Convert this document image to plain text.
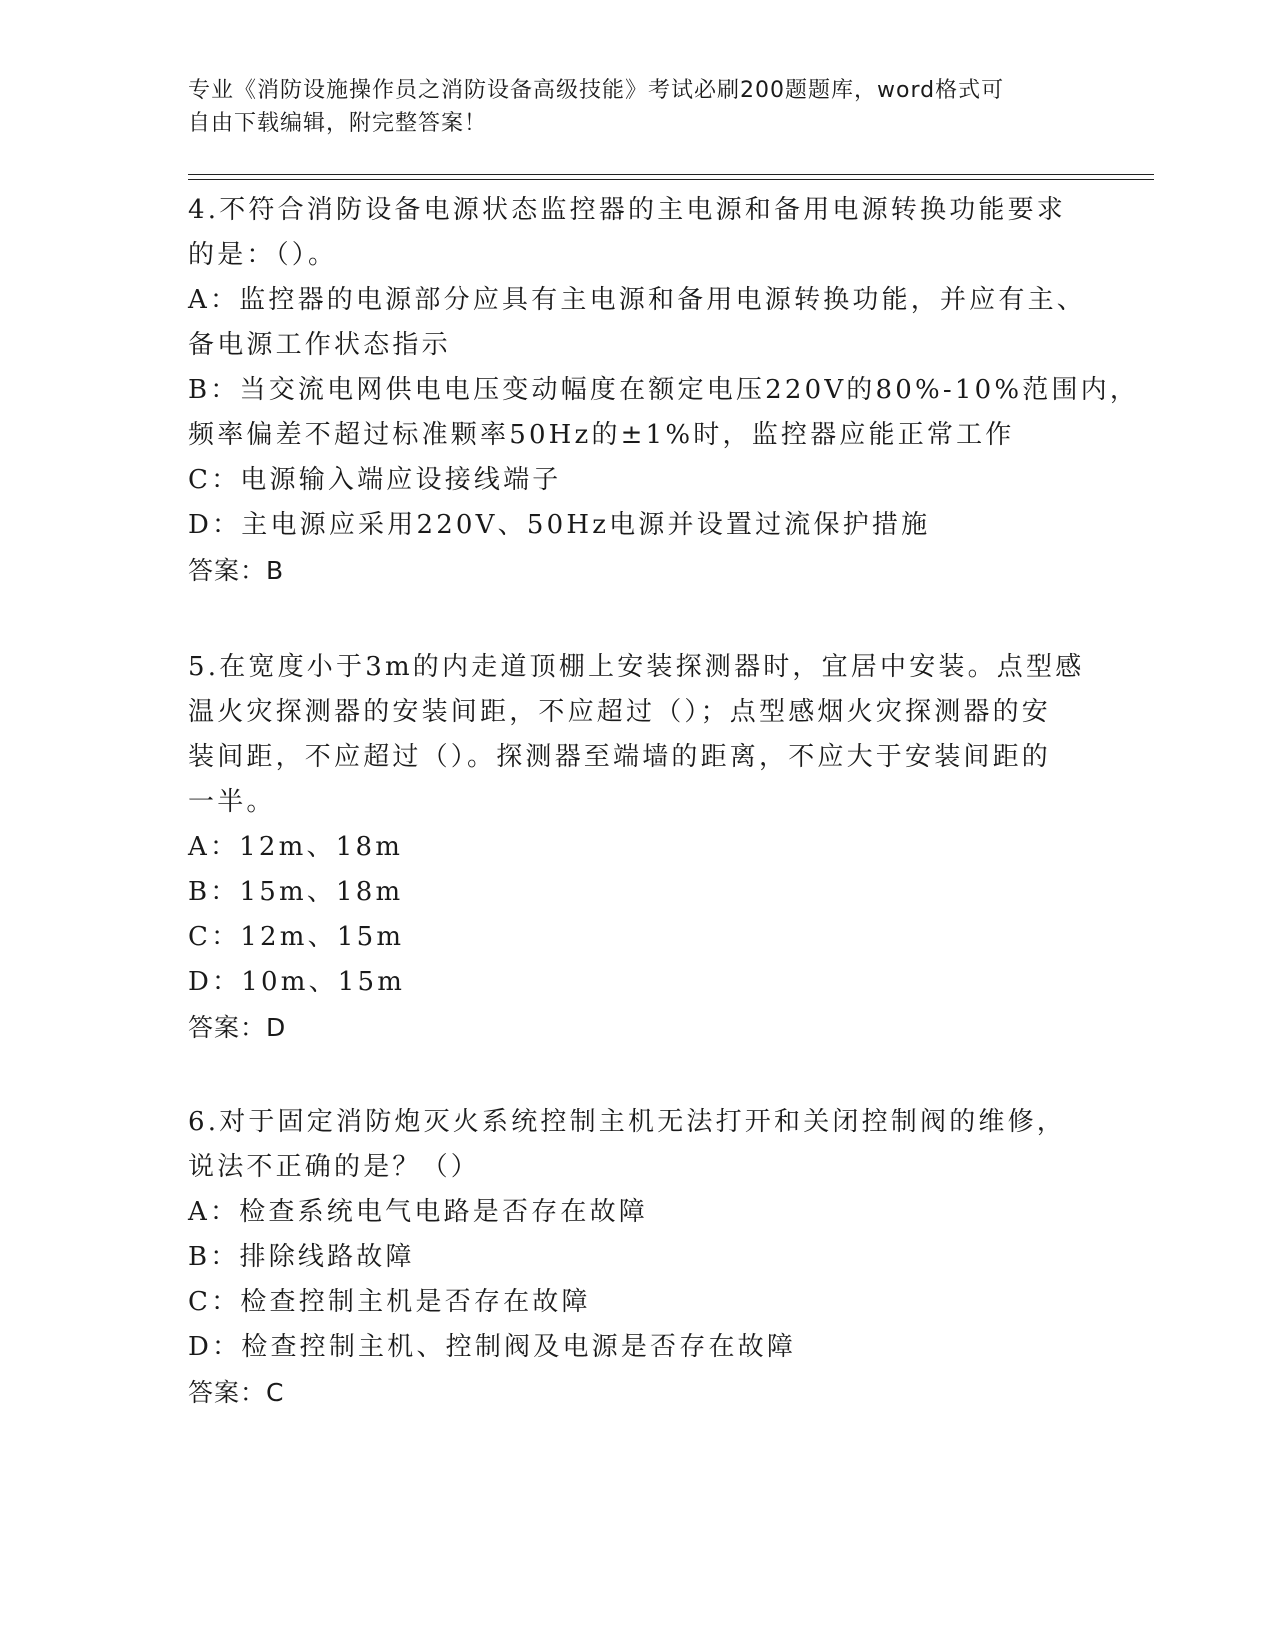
专业《消防设施操作员之消防设备高级技能》考试必刷200题题库，word格式可
自由下载编辑，附完整答案！
4.不符合消防设备电源状态监控器的主电源和备用电源转换功能要求
的是：（）。
A：监控器的电源部分应具有主电源和备用电源转换功能，并应有主、
备电源工作状态指示
B：当交流电网供电电压变动幅度在额定电压220V的80%-10%范围内，
频率偏差不超过标准颗率50Hz的±1%时，监控器应能正常工作
C：电源输入端应设接线端子
D：主电源应采用220V、50Hz电源并设置过流保护措施
答案：B
5.在宽度小于3m的内走道顶棚上安装探测器时，宜居中安装。点型感
温火灾探测器的安装间距，不应超过（）；点型感烟火灾探测器的安
装间距，不应超过（）。探测器至端墙的距离，不应大于安装间距的
一半。
A：12m、18m
B：15m、18m
C：12m、15m
D：10m、15m
答案：D
6.对于固定消防炮灭火系统控制主机无法打开和关闭控制阀的维修，
说法不正确的是？（）
A：检查系统电气电路是否存在故障
B：排除线路故障
C：检查控制主机是否存在故障
D：检查控制主机、控制阀及电源是否存在故障
答案：C
